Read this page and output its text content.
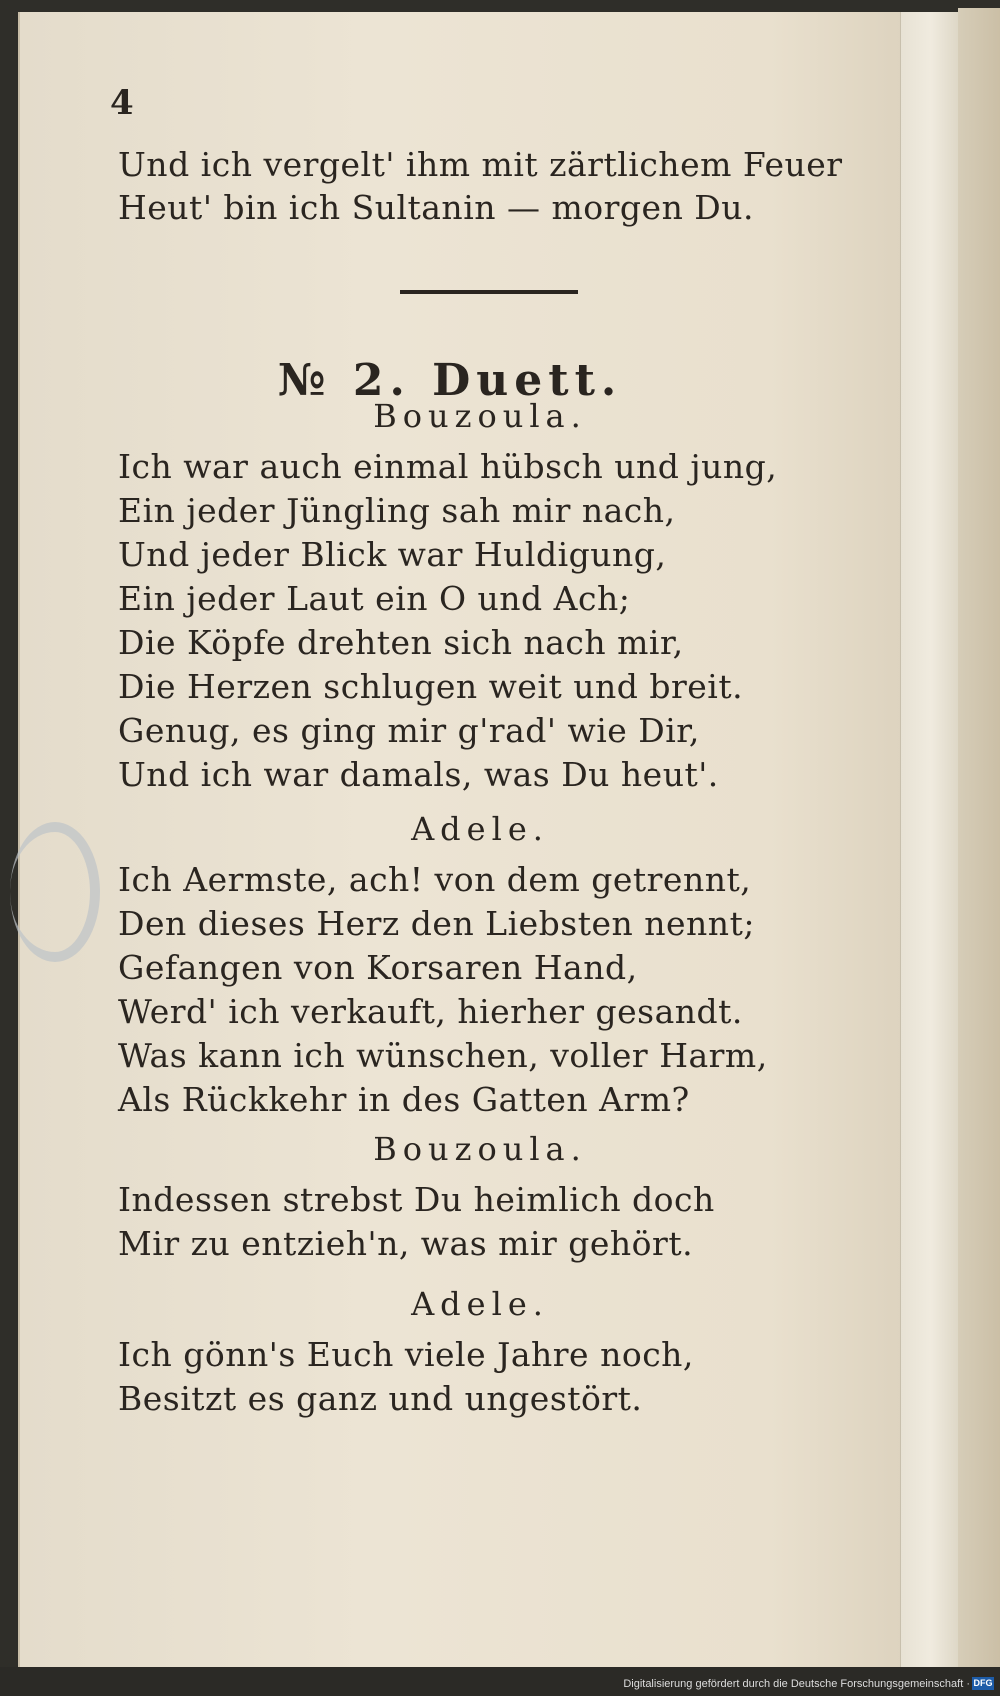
4
Und ich vergelt' ihm mit zärtlichem Feuer
Heut' bin ich Sultanin — morgen Du.
№ 2. Duett.
Bouzoula.
Ich war auch einmal hübsch und jung,
Ein jeder Jüngling sah mir nach,
Und jeder Blick war Huldigung,
Ein jeder Laut ein O und Ach;
Die Köpfe drehten sich nach mir,
Die Herzen schlugen weit und breit.
Genug, es ging mir g'rad' wie Dir,
Und ich war damals, was Du heut'.
Adele.
Ich Aermste, ach! von dem getrennt,
Den dieses Herz den Liebsten nennt;
Gefangen von Korsaren Hand,
Werd' ich verkauft, hierher gesandt.
Was kann ich wünschen, voller Harm,
Als Rückkehr in des Gatten Arm?
Bouzoula.
Indessen strebst Du heimlich doch
Mir zu entzieh'n, was mir gehört.
Adele.
Ich gönn's Euch viele Jahre noch,
Besitzt es ganz und ungestört.
Digitalisierung gefördert durch die Deutsche Forschungsgemeinschaft · DFG
